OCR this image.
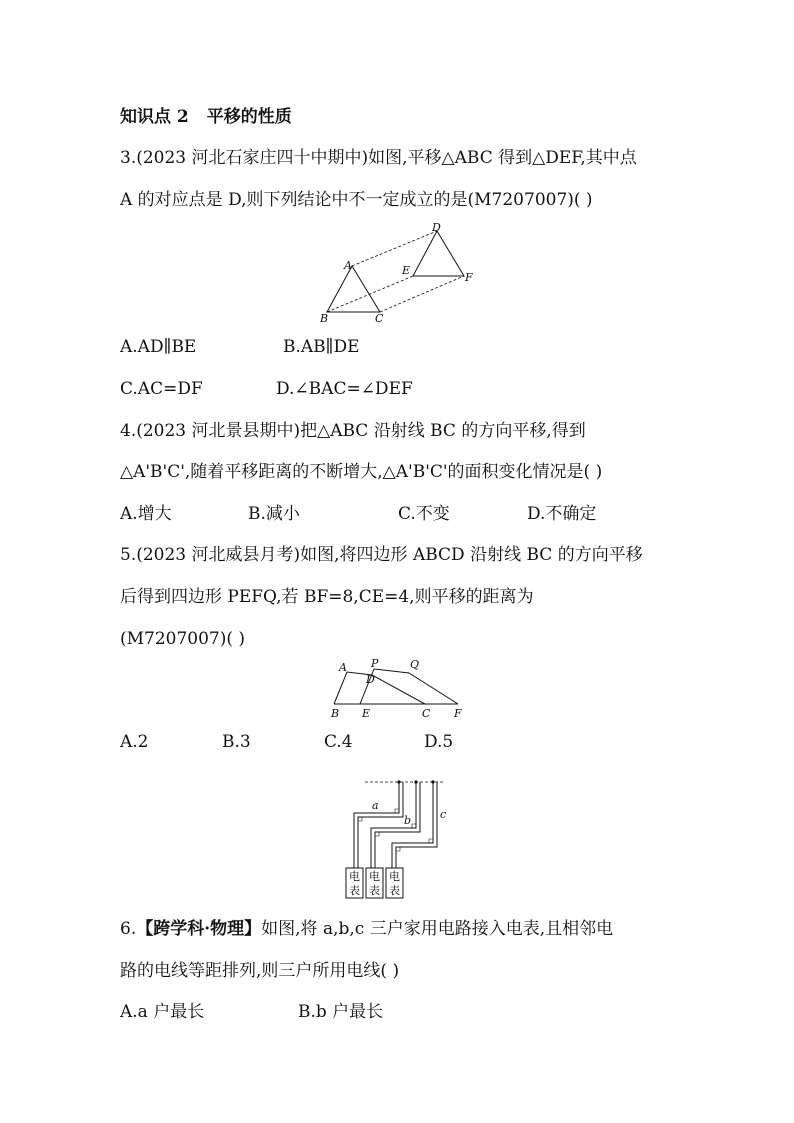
知识点 2 平移的性质
3.(2023 河北石家庄四十中期中)如图,平移△ABC 得到△DEF,其中点
A 的对应点是 D,则下列结论中不一定成立的是(M7207007)( )
A
B	C
D
E
F
A.AD∥BE	B.AB∥DE
C.AC=DF	D.∠BAC=∠DEF
4.(2023 河北景县期中)把△ABC 沿射线 BC 的方向平移,得到
△A'B'C',随着平移距离的不断增大,△A'B'C'的面积变化情况是( )
A.增大	B.减小	C.不变	D.不确定
5.(2023 河北威县月考)如图,将四边形 ABCD 沿射线 BC 的方向平移
后得到四边形 PEFQ,若 BF=8,CE=4,则平移的距离为
(M7207007)( )
A P	Q
D
B E	C F
A.2	B.3	C.4	D.5
a
b	c
电
表
电
表
电
表
6.【跨学科·物理】如图,将 a,b,c 三户家用电路接入电表,且相邻电
路的电线等距排列,则三户所用电线( )
A.a 户最长	B.b 户最长
